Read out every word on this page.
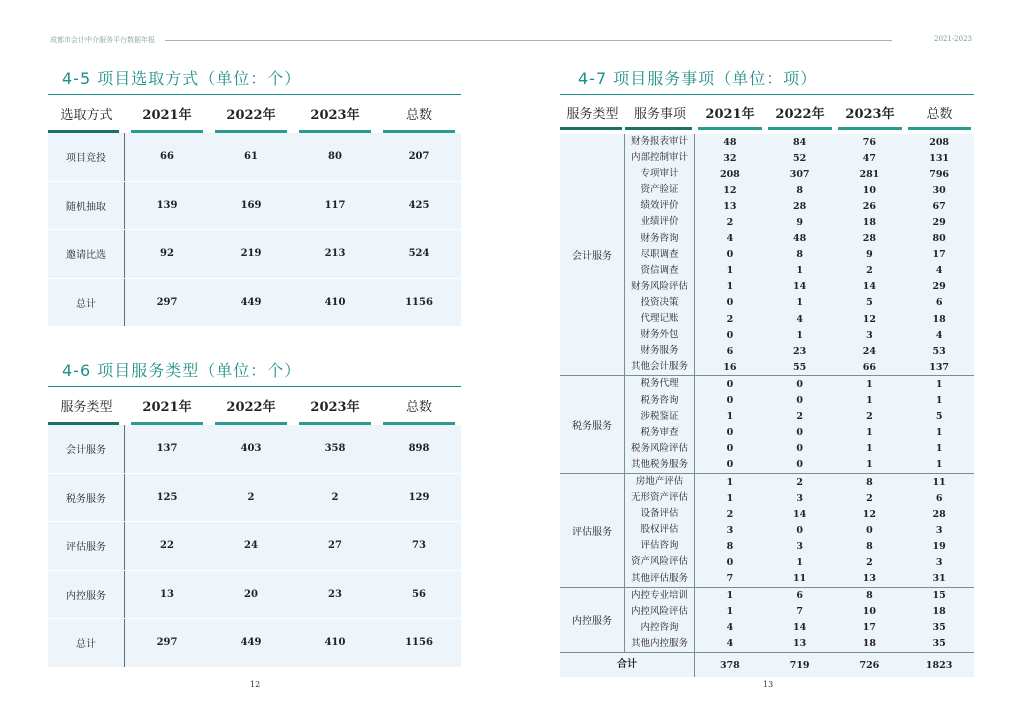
成都市会计中介服务平台数据年报	2021-2023
4-5 项目选取方式（单位：个）
选取方式	2021年	2022年	2023年	总数
项目竞投	66	61	80	207
随机抽取	139	169	117	425
邀请比选	92	219	213	524
总计	297	449	410	1156
4-6 项目服务类型（单位：个）
服务类型	2021年	2022年	2023年	总数
会计服务	137	403	358	898
税务服务	125	2	2	129
评估服务	22	24	27	73
内控服务	13	20	23	56
总计	297	449	410	1156
4-7 项目服务事项（单位：项）
服务类型	服务事项	2021年	2022年	2023年	总数
会计服务
财务报表审计	48	84	76	208
内部控制审计	32	52	47	131
专项审计	208	307	281	796
资产验证	12	8	10	30
绩效评价	13	28	26	67
业绩评价	2	9	18	29
财务咨询	4	48	28	80
尽职调查	0	8	9	17
资信调查	1	1	2	4
财务风险评估	1	14	14	29
投资决策	0	1	5	6
代理记账	2	4	12	18
财务外包	0	1	3	4
财务服务	6	23	24	53
其他会计服务	16	55	66	137
税务服务
税务代理	0	0	1	1
税务咨询	0	0	1	1
涉税鉴证	1	2	2	5
税务审查	0	0	1	1
税务风险评估	0	0	1	1
其他税务服务	0	0	1	1
评估服务
房地产评估	1	2	8	11
无形资产评估	1	3	2	6
设备评估	2	14	12	28
股权评估	3	0	0	3
评估咨询	8	3	8	19
资产风险评估	0	1	2	3
其他评估服务	7	11	13	31
内控服务
内控专业培训	1	6	8	15
内控风险评估	1	7	10	18
内控咨询	4	14	17	35
其他内控服务	4	13	18	35
合计	378	719	726	1823
12	13
